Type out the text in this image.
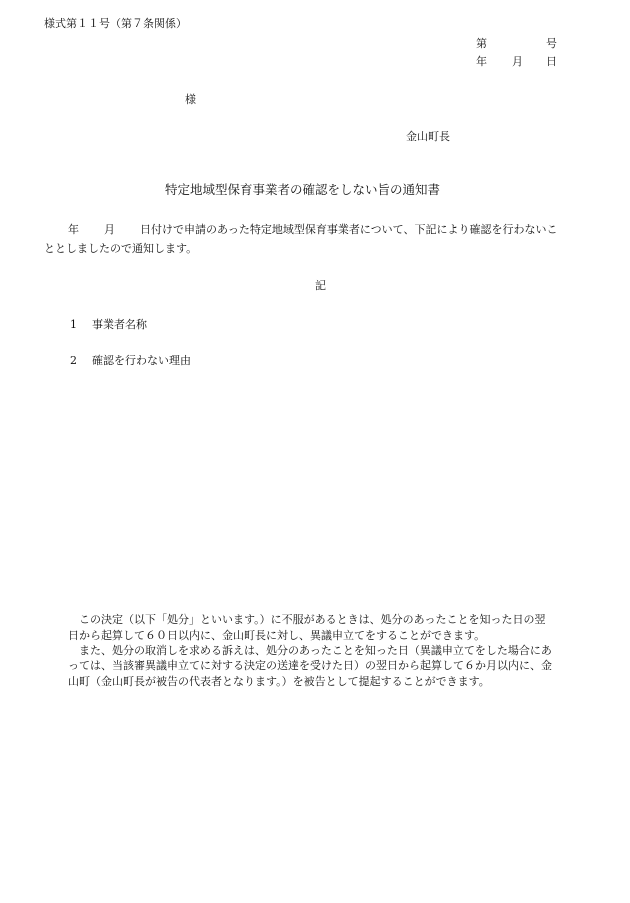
様式第１１号（第７条関係）
第	号
年 月 日
様
金山町長
特定地域型保育事業者の確認をしない旨の通知書
年 月 日付けで申請のあった特定地域型保育事業者について、下記により確認を行わないこ
ととしましたので通知します。
記
1 事業者名称
2 確認を行わない理由
この決定（以下「処分」といいます。）に不服があるときは、処分のあったことを知った日の翌
日から起算して６０日以内に、金山町長に対し、異議申立てをすることができます。
また、処分の取消しを求める訴えは、処分のあったことを知った日（異議申立てをした場合にあ
っては、当該審異議申立てに対する決定の送達を受けた日）の翌日から起算して６か月以内に、金
山町（金山町長が被告の代表者となります。）を被告として提起することができます。
